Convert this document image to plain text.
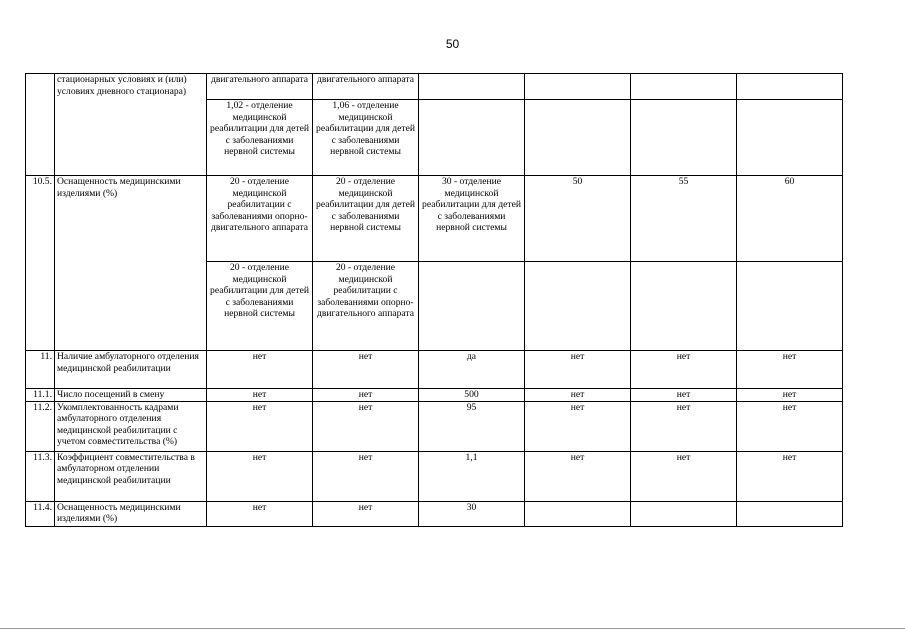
50
	стационарных условиях и (или) условиях дневного стационара)	двигательного аппарата	двигательного аппарата				
		1,02 - отделение медицинской реабилитации для детей с заболеваниями нервной системы	1,06 - отделение медицинской реабилитации для детей с заболеваниями нервной системы				
10.5.	Оснащенность медицинскими изделиями (%)	20 - отделение медицинской реабилитации с заболеваниями опорно-двигательного аппарата	20 - отделение медицинской реабилитации для детей с заболеваниями нервной системы	30 - отделение медицинской реабилитации для детей с заболеваниями нервной системы	50	55	60
		20 - отделение медицинской реабилитации для детей с заболеваниями нервной системы	20 - отделение медицинской реабилитации с заболеваниями опорно-двигательного аппарата				
11.	Наличие амбулаторного отделения медицинской реабилитации	нет	нет	да	нет	нет	нет
11.1.	Число посещений в смену	нет	нет	500	нет	нет	нет
11.2.	Укомплектованность кадрами амбулаторного отделения медицинской реабилитации с учетом совместительства (%)	нет	нет	95	нет	нет	нет
11.3.	Коэффициент совместительства в амбулаторном отделении медицинской реабилитации	нет	нет	1,1	нет	нет	нет
11.4.	Оснащенность медицинскими изделиями (%)	нет	нет	30			
